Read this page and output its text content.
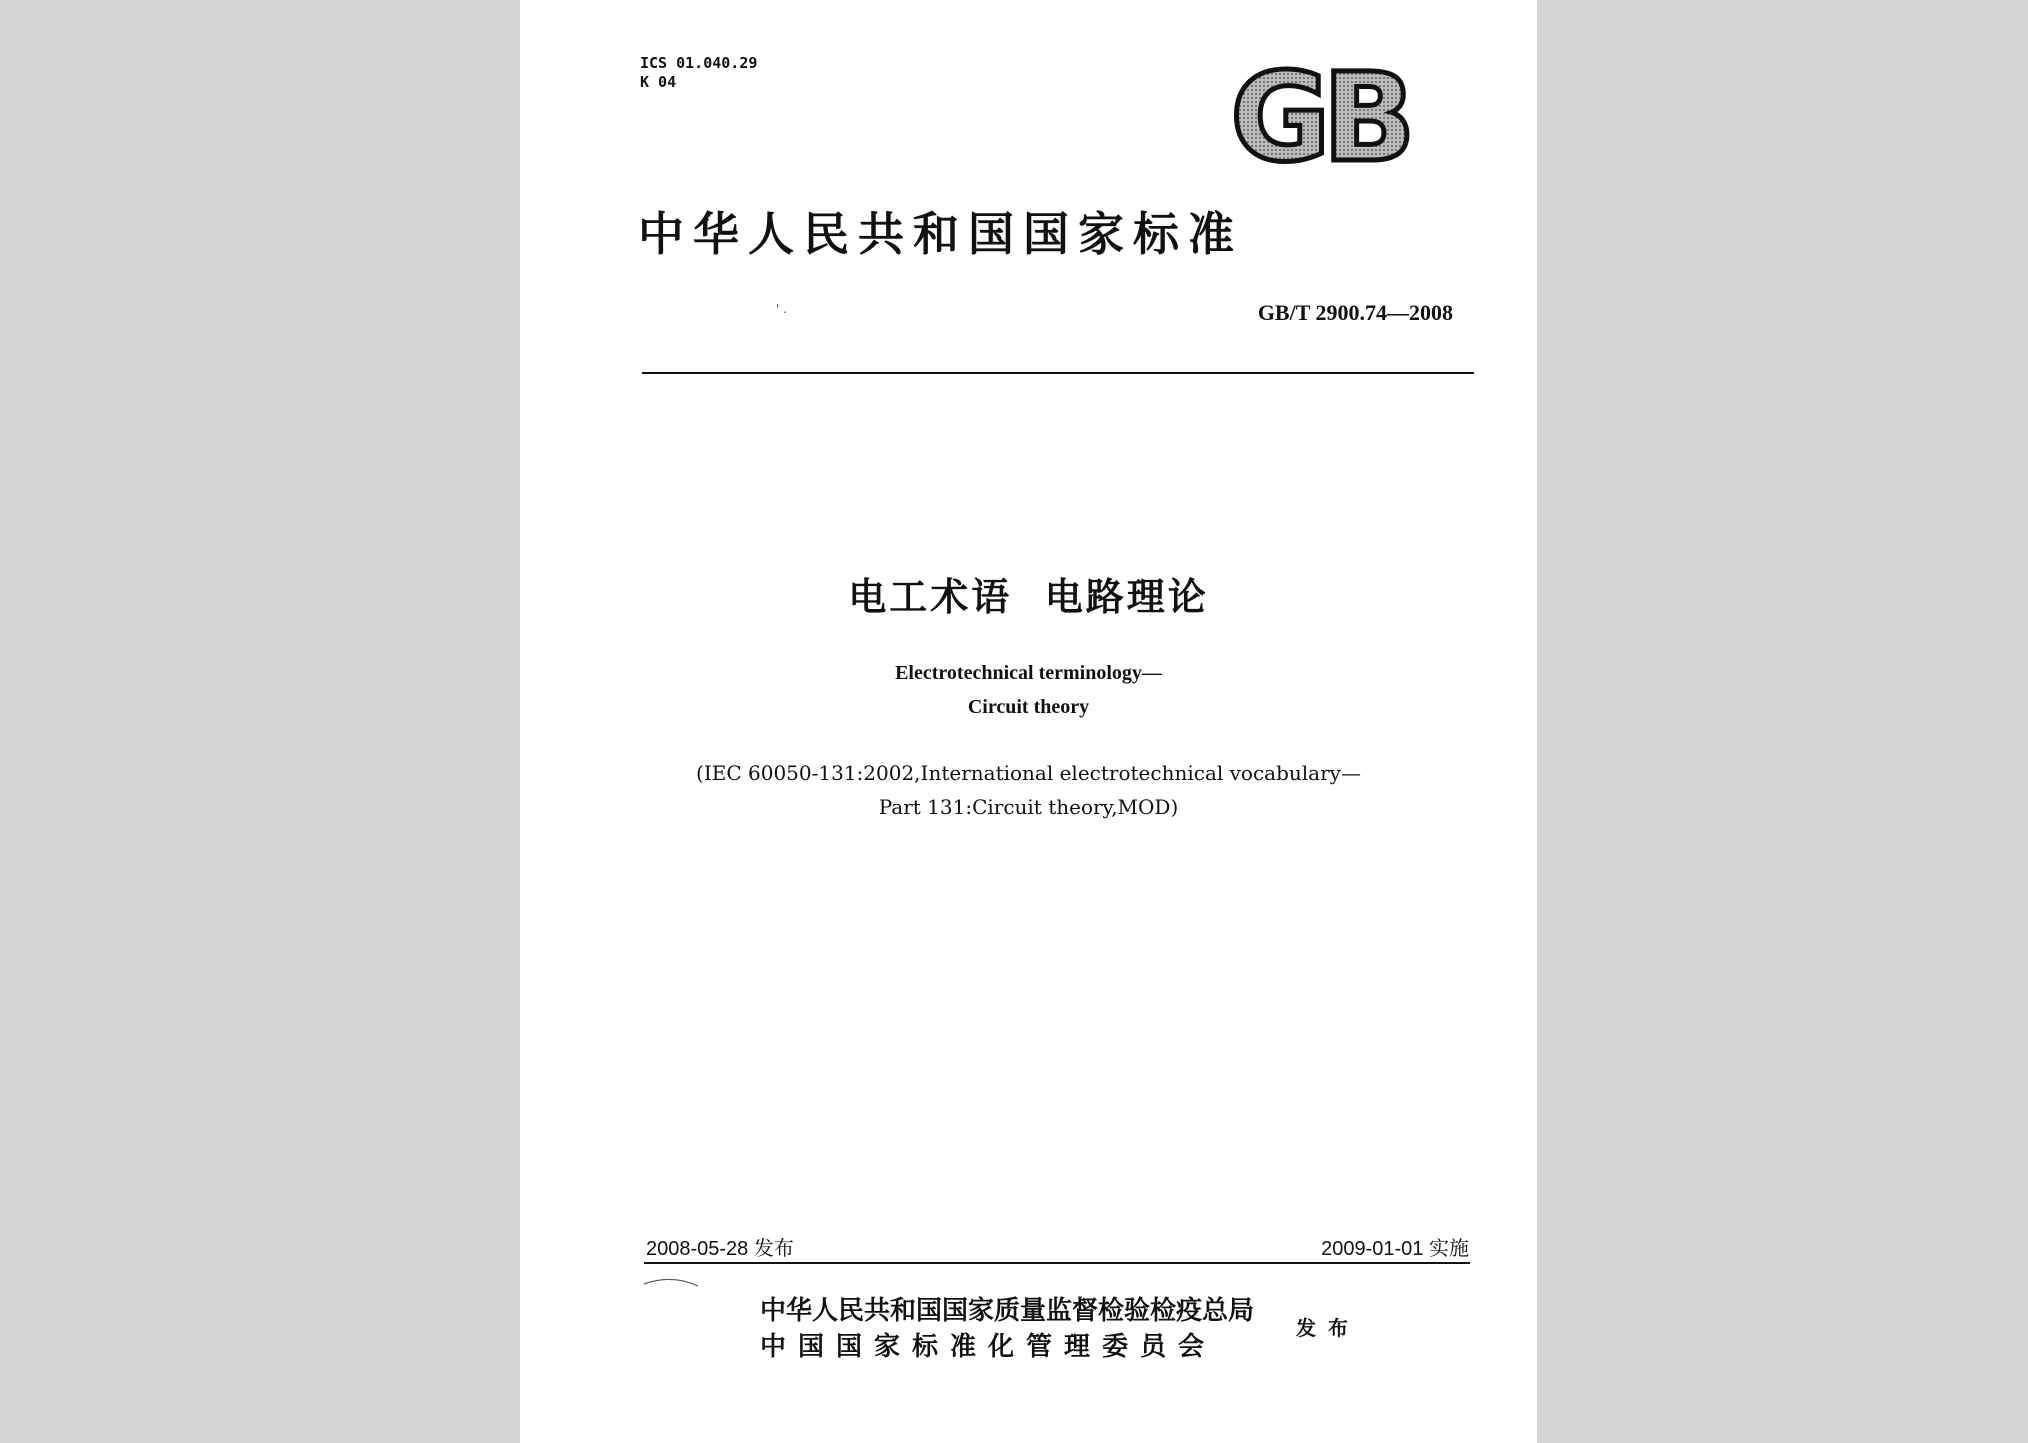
ICS 01.040.29
K 04	GB
中华人民共和国国家标准
' .	GB/T 2900.74—2008
电工术语  电路理论
Electrotechnical terminology—
Circuit theory
(IEC 60050-131:2002,International electrotechnical vocabulary—
Part 131:Circuit theory,MOD)
2008-05-28 发布	2009-01-01 实施
中华人民共和国国家质量监督检验检疫总局
中国国家标准化管理委员会
发布
